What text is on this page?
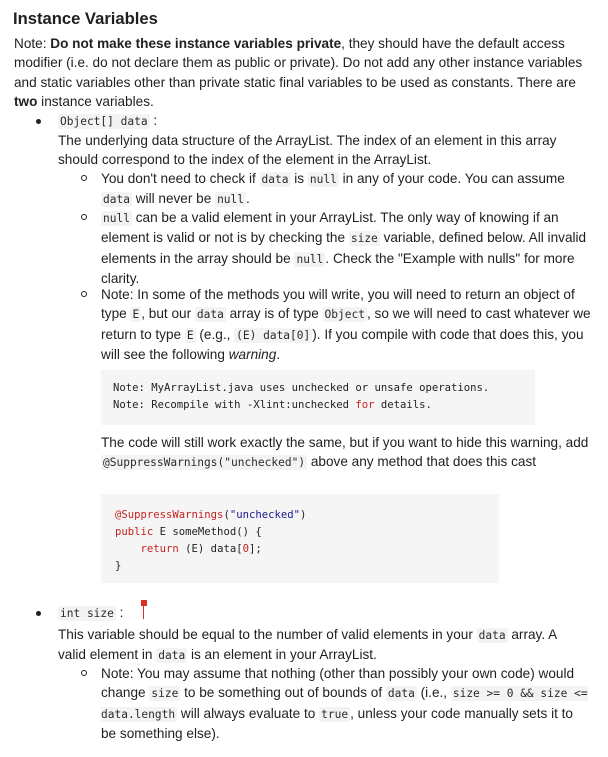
Instance Variables

Note: Do not make these instance variables private, they should have the default access modifier (i.e. do not declare them as public or private). Do not add any other instance variables and static variables other than private static final variables to be used as constants. There are two instance variables.

Object[] data :

The underlying data structure of the ArrayList. The index of an element in this array should correspond to the index of the element in the ArrayList.

You don't need to check if data is null in any of your code. You can assume data will never be null .

null can be a valid element in your ArrayList. The only way of knowing if an element is valid or not is by checking the size variable, defined below. All invalid elements in the array should be null . Check the "Example with nulls" for more clarity.

Note: In some of the methods you will write, you will need to return an object of type E , but our data array is of type Object , so we will need to cast whatever we return to type E (e.g., (E) data[0] ). If you compile with code that does this, you will see the following warning.

Note: MyArrayList.java uses unchecked or unsafe operations.
Note: Recompile with -Xlint:unchecked for details.

The code will still work exactly the same, but if you want to hide this warning, add @SuppressWarnings("unchecked") above any method that does this cast

@SuppressWarnings("unchecked")
public E someMethod() {
return (E) data[0];
}

int size :

This variable should be equal to the number of valid elements in your data array. A valid element in data is an element in your ArrayList.

Note: You may assume that nothing (other than possibly your own code) would change size to be something out of bounds of data (i.e., size >= 0 && size <= data.length will always evaluate to true , unless your code manually sets it to be something else).
